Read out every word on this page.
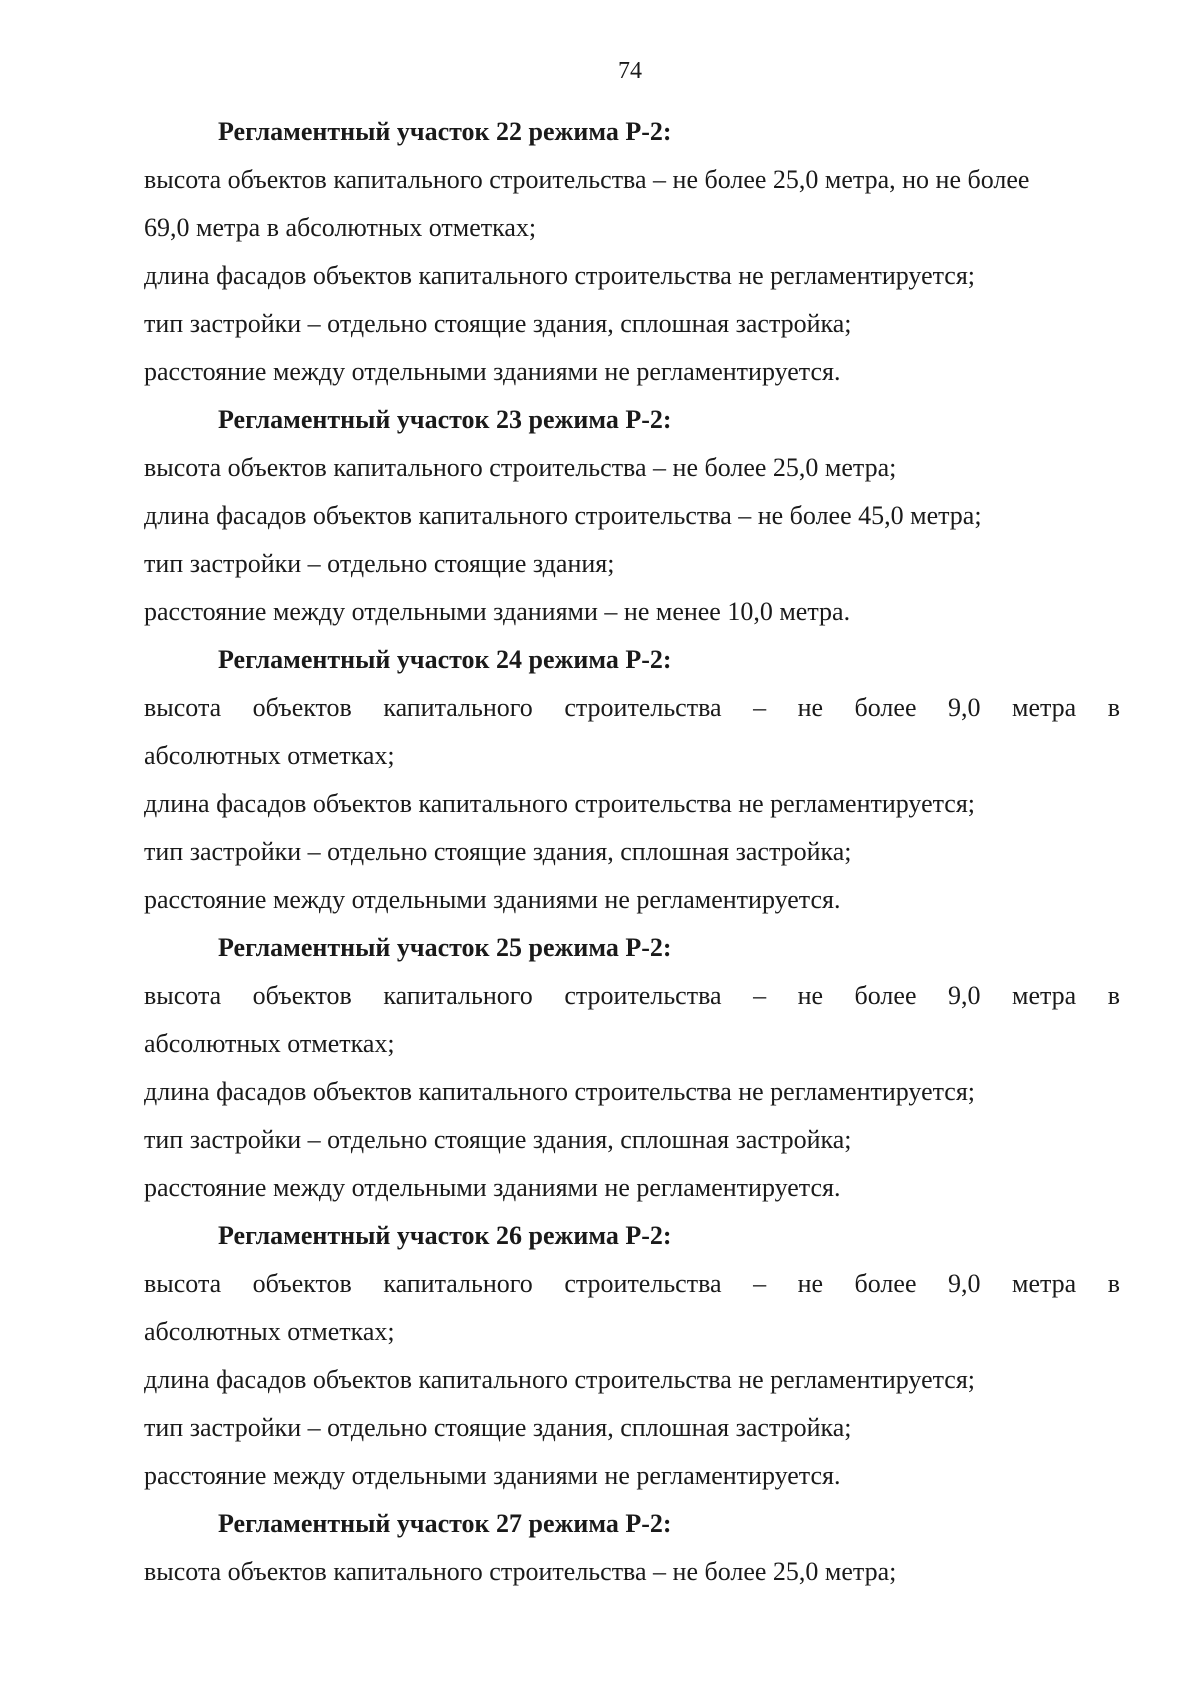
74
Регламентный участок 22 режима Р-2:
высота объектов капитального строительства – не более 25,0 метра, но не более
69,0 метра в абсолютных отметках;
длина фасадов объектов капитального строительства не регламентируется;
тип застройки – отдельно стоящие здания, сплошная застройка;
расстояние между отдельными зданиями не регламентируется.
Регламентный участок 23 режима Р-2:
высота объектов капитального строительства – не более 25,0 метра;
длина фасадов объектов капитального строительства – не более 45,0 метра;
тип застройки – отдельно стоящие здания;
расстояние между отдельными зданиями – не менее 10,0 метра.
Регламентный участок 24 режима Р-2:
высота объектов капитального строительства – не более 9,0 метра в
абсолютных отметках;
длина фасадов объектов капитального строительства не регламентируется;
тип застройки – отдельно стоящие здания, сплошная застройка;
расстояние между отдельными зданиями не регламентируется.
Регламентный участок 25 режима Р-2:
высота объектов капитального строительства – не более 9,0 метра в
абсолютных отметках;
длина фасадов объектов капитального строительства не регламентируется;
тип застройки – отдельно стоящие здания, сплошная застройка;
расстояние между отдельными зданиями не регламентируется.
Регламентный участок 26 режима Р-2:
высота объектов капитального строительства – не более 9,0 метра в
абсолютных отметках;
длина фасадов объектов капитального строительства не регламентируется;
тип застройки – отдельно стоящие здания, сплошная застройка;
расстояние между отдельными зданиями не регламентируется.
Регламентный участок 27 режима Р-2:
высота объектов капитального строительства – не более 25,0 метра;
